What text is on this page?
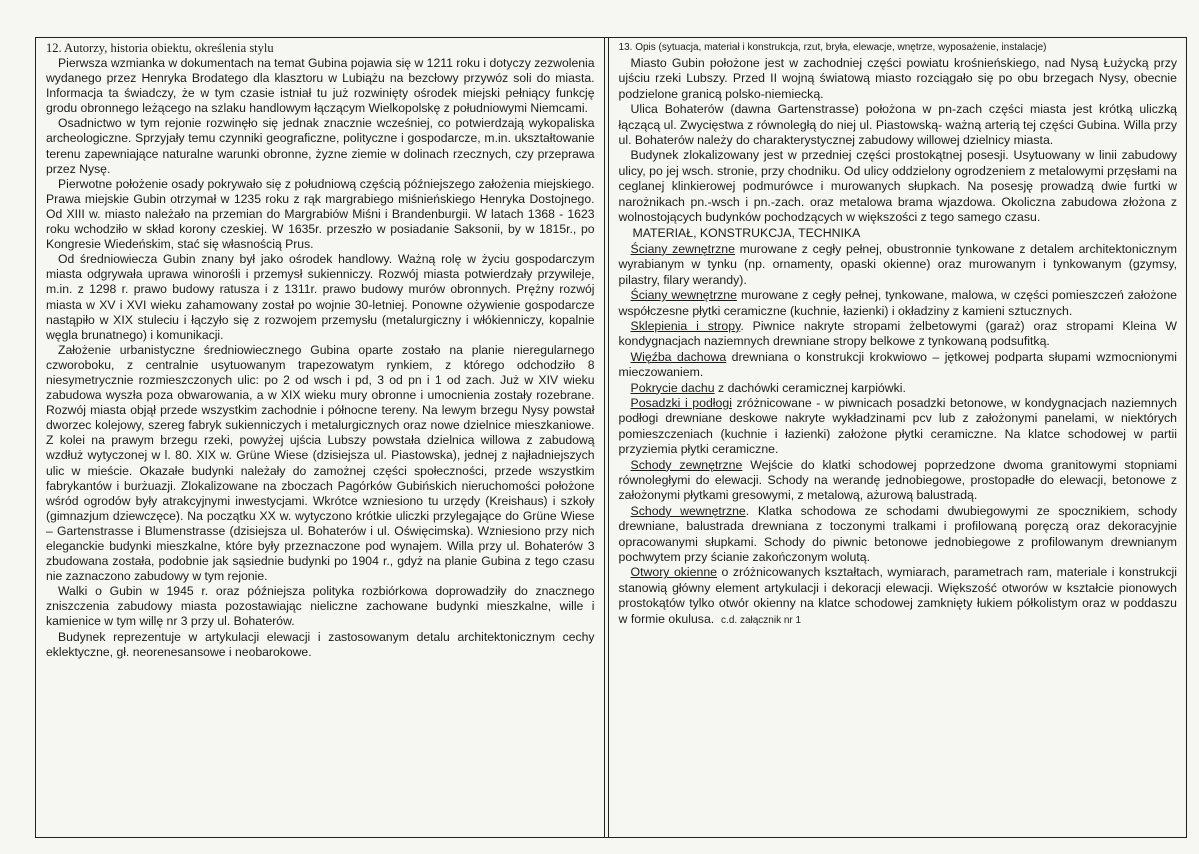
12. Autorzy, historia obiektu, określenia stylu

Pierwsza wzmianka w dokumentach na temat Gubina pojawia się w 1211 roku i dotyczy zezwolenia wydanego przez Henryka Brodatego dla klasztoru w Lubiążu na bezcłowy przywóz soli do miasta. Informacja ta świadczy, że w tym czasie istniał tu już rozwinięty ośrodek miejski pełniący funkcję grodu obronnego leżącego na szlaku handlowym łączącym Wielkopolskę z południowymi Niemcami.

Osadnictwo w tym rejonie rozwinęło się jednak znacznie wcześniej, co potwierdzają wykopaliska archeologiczne. Sprzyjały temu czynniki geograficzne, polityczne i gospodarcze, m.in. ukształtowanie terenu zapewniające naturalne warunki obronne, żyzne ziemie w dolinach rzecznych, czy przeprawa przez Nysę.

Pierwotne położenie osady pokrywało się z południową częścią późniejszego założenia miejskiego. Prawa miejskie Gubin otrzymał w 1235 roku z rąk margrabiego miśnieńskiego Henryka Dostojnego. Od XIII w. miasto należało na przemian do Margrabiów Miśni i Brandenburgii. W latach 1368 - 1623 roku wchodziło w skład korony czeskiej. W 1635r. przeszło w posiadanie Saksonii, by w 1815r., po Kongresie Wiedeńskim, stać się własnością Prus.

Od średniowiecza Gubin znany był jako ośrodek handlowy. Ważną rolę w życiu gospodarczym miasta odgrywała uprawa winorośli i przemysł sukienniczy. Rozwój miasta potwierdzały przywileje, m.in. z 1298 r. prawo budowy ratusza i z 1311r. prawo budowy murów obronnych. Prężny rozwój miasta w XV i XVI wieku zahamowany został po wojnie 30-letniej. Ponowne ożywienie gospodarcze nastąpiło w XIX stuleciu i łączyło się z rozwojem przemysłu (metalurgiczny i włókienniczy, kopalnie węgla brunatnego) i komunikacji.

Założenie urbanistyczne średniowiecznego Gubina oparte zostało na planie nieregularnego czworoboku, z centralnie usytuowanym trapezowatym rynkiem, z którego odchodziło 8 niesymetrycznie rozmieszczonych ulic: po 2 od wsch i pd, 3 od pn i 1 od zach. Już w XIV wieku zabudowa wyszła poza obwarowania, a w XIX wieku mury obronne i umocnienia zostały rozebrane. Rozwój miasta objął przede wszystkim zachodnie i północne tereny. Na lewym brzegu Nysy powstał dworzec kolejowy, szereg fabryk sukienniczych i metalurgicznych oraz nowe dzielnice mieszkaniowe. Z kolei na prawym brzegu rzeki, powyżej ujścia Lubszy powstała dzielnica willowa z zabudową wzdłuż wytyczonej w l. 80. XIX w. Grüne Wiese (dzisiejsza ul. Piastowska), jednej z najładniejszych ulic w mieście. Okazałe budynki należały do zamożnej części społeczności, przede wszystkim fabrykantów i burżuazji. Zlokalizowane na zboczach Pagórków Gubińskich nieruchomości położone wśród ogrodów były atrakcyjnymi inwestycjami. Wkrótce wzniesiono tu urzędy (Kreishaus) i szkoły (gimnazjum dziewczęce). Na początku XX w. wytyczono krótkie uliczki przylegające do Grüne Wiese – Gartenstrasse i Blumenstrasse (dzisiejsza ul. Bohaterów i ul. Oświęcimska). Wzniesiono przy nich eleganckie budynki mieszkalne, które były przeznaczone pod wynajem. Willa przy ul. Bohaterów 3 zbudowana została, podobnie jak sąsiednie budynki po 1904 r., gdyż na planie Gubina z tego czasu nie zaznaczono zabudowy w tym rejonie.

Walki o Gubin w 1945 r. oraz późniejsza polityka rozbiórkowa doprowadziły do znacznego zniszczenia zabudowy miasta pozostawiając nieliczne zachowane budynki mieszkalne, wille i kamienice w tym willę nr 3 przy ul. Bohaterów.

Budynek reprezentuje w artykulacji elewacji i zastosowanym detalu architektonicznym cechy eklektyczne, gł. neorenesansowe i neobarokowe.

13. Opis (sytuacja, materiał i konstrukcja, rzut, bryła, elewacje, wnętrze, wyposażenie, instalacje)

Miasto Gubin położone jest w zachodniej części powiatu krośnieńskiego, nad Nysą Łużycką przy ujściu rzeki Lubszy. Przed II wojną światową miasto rozciągało się po obu brzegach Nysy, obecnie podzielone granicą polsko-niemiecką.

Ulica Bohaterów (dawna Gartenstrasse) położona w pn-zach części miasta jest krótką uliczką łączącą ul. Zwycięstwa z równoległą do niej ul. Piastowską- ważną arterią tej części Gubina. Willa przy ul. Bohaterów należy do charakterystycznej zabudowy willowej dzielnicy miasta.

Budynek zlokalizowany jest w przedniej części prostokątnej posesji. Usytuowany w linii zabudowy ulicy, po jej wsch. stronie, przy chodniku. Od ulicy oddzielony ogrodzeniem z metalowymi przęsłami na ceglanej klinkierowej podmurówce i murowanych słupkach. Na posesję prowadzą dwie furtki w narożnikach pn.-wsch i pn.-zach. oraz metalowa brama wjazdowa. Okoliczna zabudowa złożona z wolnostojących budynków pochodzących w większości z tego samego czasu.

MATERIAŁ, KONSTRUKCJA, TECHNIKA

Ściany zewnętrzne murowane z cegły pełnej, obustronnie tynkowane z detalem architektonicznym wyrabianym w tynku (np. ornamenty, opaski okienne) oraz murowanym i tynkowanym (gzymsy, pilastry, filary werandy).

Ściany wewnętrzne murowane z cegły pełnej, tynkowane, malowa, w części pomieszczeń założone współczesne płytki ceramiczne (kuchnie, łazienki) i okładziny z kamieni sztucznych.

Sklepienia i stropy. Piwnice nakryte stropami żelbetowymi (garaż) oraz stropami Kleina W kondygnacjach naziemnych drewniane stropy belkowe z tynkowaną podsufitką.

Więźba dachowa drewniana o konstrukcji krokwiowo – jętkowej podparta słupami wzmocnionymi mieczowaniem.

Pokrycie dachu z dachówki ceramicznej karpiówki.

Posadzki i podłogi zróżnicowane - w piwnicach posadzki betonowe, w kondygnacjach naziemnych podłogi drewniane deskowe nakryte wykładzinami pcv lub z założonymi panelami, w niektórych pomieszczeniach (kuchnie i łazienki) założone płytki ceramiczne. Na klatce schodowej w partii przyziemia płytki ceramiczne.

Schody zewnętrzne Wejście do klatki schodowej poprzedzone dwoma granitowymi stopniami równoległymi do elewacji. Schody na werandę jednobiegowe, prostopadłe do elewacji, betonowe z założonymi płytkami gresowymi, z metalową, ażurową balustradą.

Schody wewnętrzne. Klatka schodowa ze schodami dwubiegowymi ze spocznikiem, schody drewniane, balustrada drewniana z toczonymi tralkami i profilowaną poręczą oraz dekoracyjnie opracowanymi słupkami. Schody do piwnic betonowe jednobiegowe z profilowanym drewnianym pochwytem przy ścianie zakończonym wolutą.

Otwory okienne o zróżnicowanych kształtach, wymiarach, parametrach ram, materiale i konstrukcji stanowią główny element artykulacji i dekoracji elewacji. Większość otworów w kształcie pionowych prostokątów tylko otwór okienny na klatce schodowej zamknięty łukiem półkolistym oraz w poddaszu w formie okulusa. c.d. załącznik nr 1
